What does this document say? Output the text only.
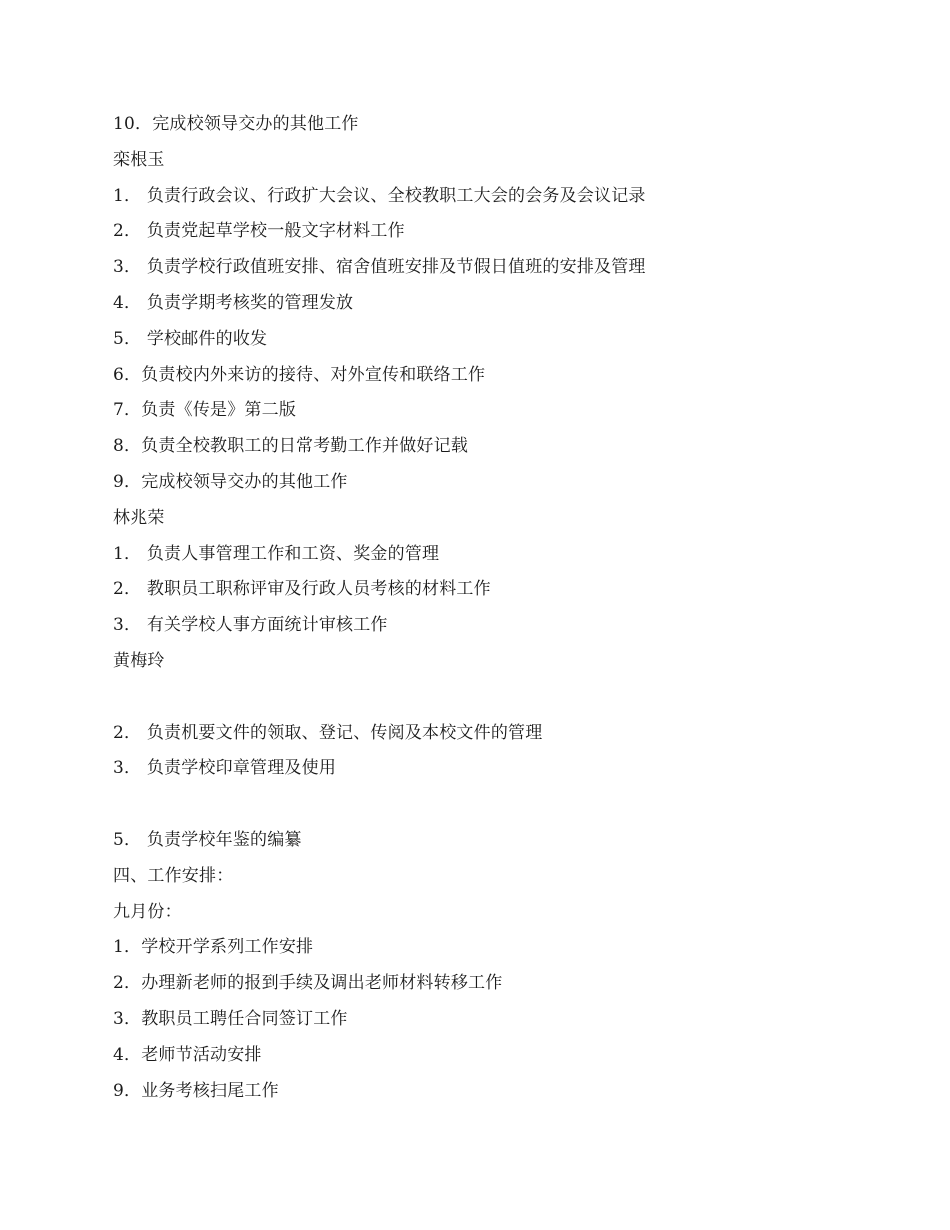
10．完成校领导交办的其他工作
栾根玉
1． 负责行政会议、行政扩大会议、全校教职工大会的会务及会议记录
2． 负责党起草学校一般文字材料工作
3． 负责学校行政值班安排、宿舍值班安排及节假日值班的安排及管理
4． 负责学期考核奖的管理发放
5． 学校邮件的收发
6．负责校内外来访的接待、对外宣传和联络工作
7．负责《传是》第二版
8．负责全校教职工的日常考勤工作并做好记载
9．完成校领导交办的其他工作
林兆荣
1． 负责人事管理工作和工资、奖金的管理
2． 教职员工职称评审及行政人员考核的材料工作
3． 有关学校人事方面统计审核工作
黄梅玲
2． 负责机要文件的领取、登记、传阅及本校文件的管理
3． 负责学校印章管理及使用
5． 负责学校年鉴的编纂
四、工作安排：
九月份：
1．学校开学系列工作安排
2．办理新老师的报到手续及调出老师材料转移工作
3．教职员工聘任合同签订工作
4．老师节活动安排
9．业务考核扫尾工作
